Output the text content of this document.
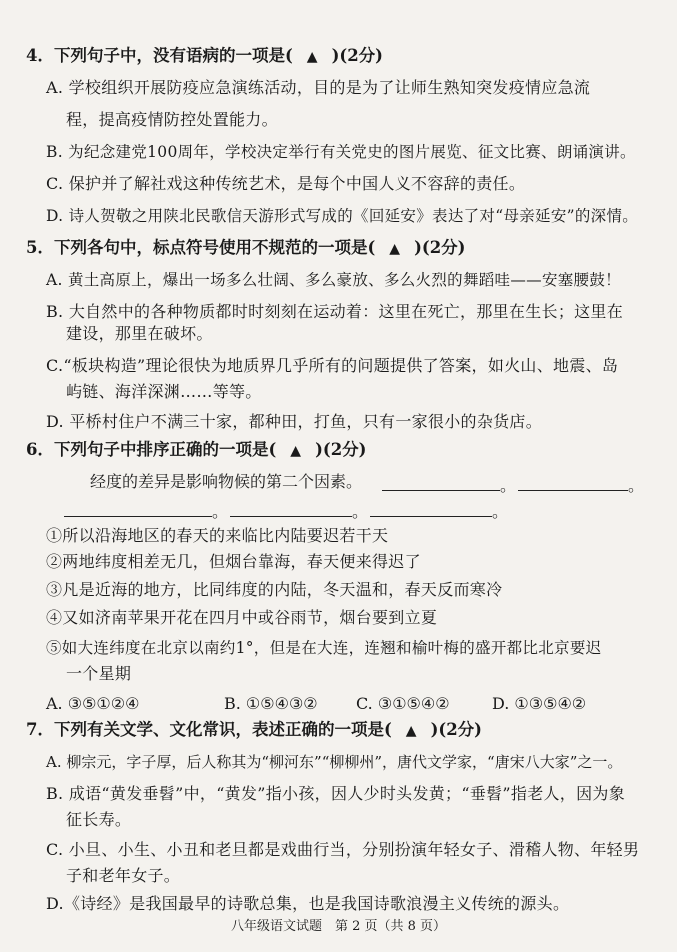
4．下列句子中，没有语病的一项是( ▲ )(2分)
A. 学校组织开展防疫应急演练活动，目的是为了让师生熟知突发疫情应急流
程，提高疫情防控处置能力。
B. 为纪念建党100周年，学校决定举行有关党史的图片展览、征文比赛、朗诵演讲。
C. 保护并了解社戏这种传统艺术，是每个中国人义不容辞的责任。
D. 诗人贺敬之用陕北民歌信天游形式写成的《回延安》表达了对“母亲延安”的深情。
5．下列各句中，标点符号使用不规范的一项是( ▲ )(2分)
A. 黄土高原上，爆出一场多么壮阔、多么豪放、多么火烈的舞蹈哇——安塞腰鼓！
B. 大自然中的各种物质都时时刻刻在运动着：这里在死亡，那里在生长；这里在
建设，那里在破坏。
C.“板块构造”理论很快为地质界几乎所有的问题提供了答案，如火山、地震、岛
屿链、海洋深渊……等等。
D. 平桥村住户不满三十家，都种田，打鱼，只有一家很小的杂货店。
6．下列句子中排序正确的一项是( ▲ )(2分)
经度的差异是影响物候的第二个因素。	。	。
。	。	。
①所以沿海地区的春天的来临比内陆要迟若干天
②两地纬度相差无几，但烟台靠海，春天便来得迟了
③凡是近海的地方，比同纬度的内陆，冬天温和，春天反而寒冷
④又如济南苹果开花在四月中或谷雨节，烟台要到立夏
⑤如大连纬度在北京以南约1°，但是在大连，连翘和榆叶梅的盛开都比北京要迟
一个星期
A. ③⑤①②④	B. ①⑤④③② C. ③①⑤④②	D. ①③⑤④②
7．下列有关文学、文化常识，表述正确的一项是( ▲ )(2分)
A. 柳宗元，字子厚，后人称其为“柳河东”“柳柳州”，唐代文学家，“唐宋八大家”之一。
B. 成语“黄发垂髫”中，“黄发”指小孩，因人少时头发黄；“垂髫”指老人，因为象
征长寿。
C. 小旦、小生、小丑和老旦都是戏曲行当，分别扮演年轻女子、滑稽人物、年轻男
子和老年女子。
D.《诗经》是我国最早的诗歌总集，也是我国诗歌浪漫主义传统的源头。
八年级语文试题　第 2 页（共 8 页）
